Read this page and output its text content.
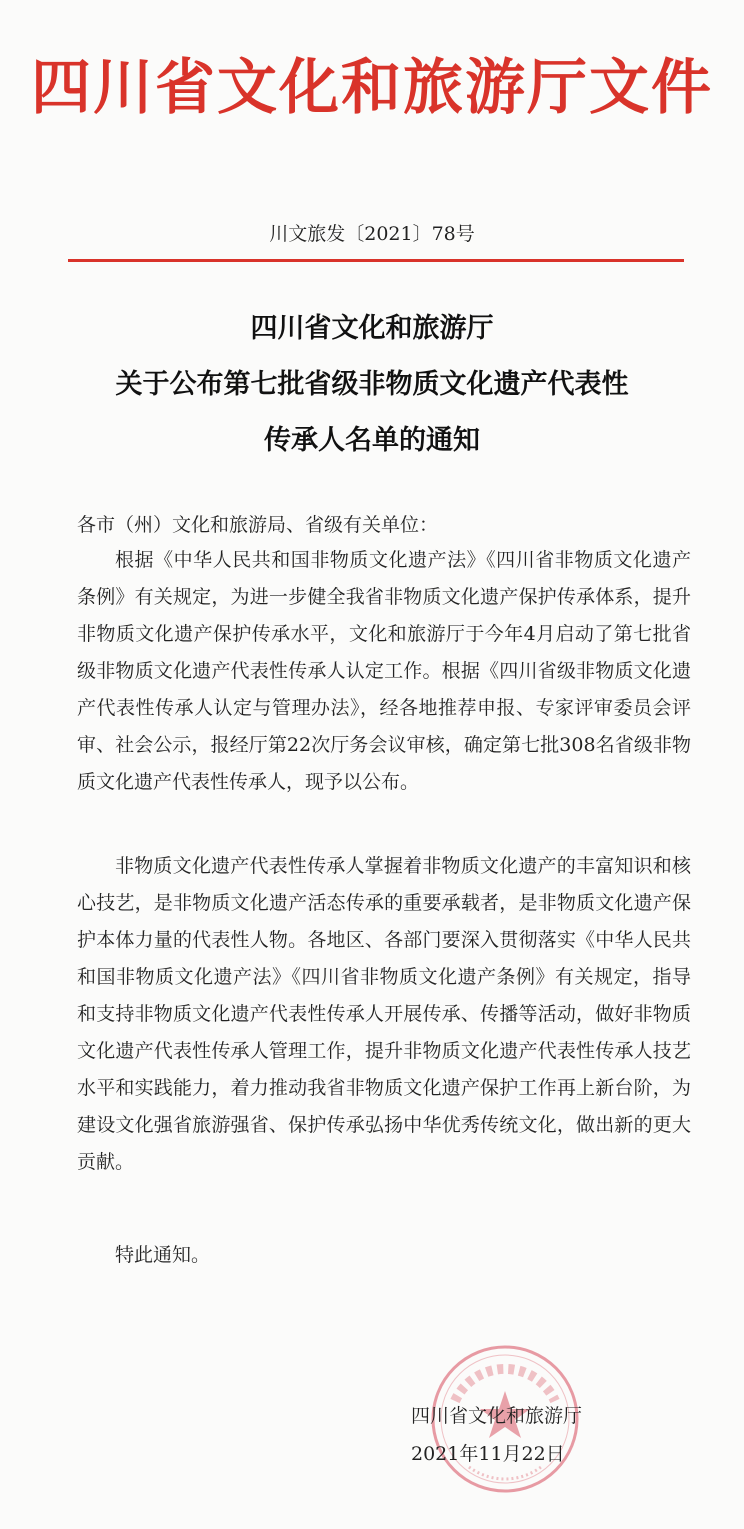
四川省文化和旅游厅文件
川文旅发〔2021〕78号
四川省文化和旅游厅
关于公布第七批省级非物质文化遗产代表性
传承人名单的通知
各市（州）文化和旅游局、省级有关单位：

根据《中华人民共和国非物质文化遗产法》《四川省非物质文化遗产条例》有关规定，为进一步健全我省非物质文化遗产保护传承体系，提升非物质文化遗产保护传承水平，文化和旅游厅于今年4月启动了第七批省级非物质文化遗产代表性传承人认定工作。根据《四川省级非物质文化遗产代表性传承人认定与管理办法》，经各地推荐申报、专家评审委员会评审、社会公示，报经厅第22次厅务会议审核，确定第七批308名省级非物质文化遗产代表性传承人，现予以公布。

非物质文化遗产代表性传承人掌握着非物质文化遗产的丰富知识和核心技艺，是非物质文化遗产活态传承的重要承载者，是非物质文化遗产保护本体力量的代表性人物。各地区、各部门要深入贯彻落实《中华人民共和国非物质文化遗产法》《四川省非物质文化遗产条例》有关规定，指导和支持非物质文化遗产代表性传承人开展传承、传播等活动，做好非物质文化遗产代表性传承人管理工作，提升非物质文化遗产代表性传承人技艺水平和实践能力，着力推动我省非物质文化遗产保护工作再上新台阶，为建设文化强省旅游强省、保护传承弘扬中华优秀传统文化，做出新的更大贡献。

特此通知。

四川省文化和旅游厅
2021年11月22日
